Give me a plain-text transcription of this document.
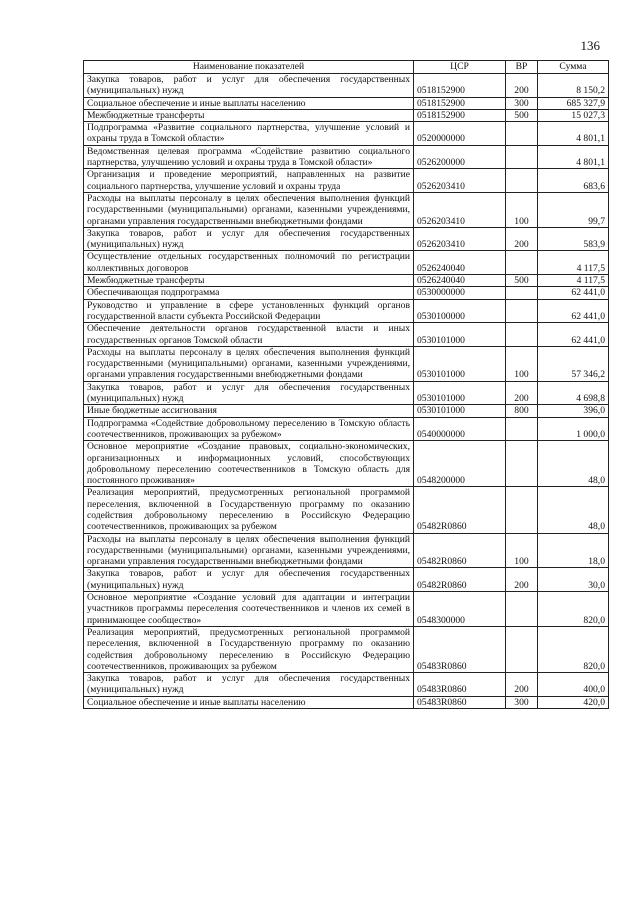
136
Наименование показателей	ЦСР	ВР	Сумма
Закупка товаров, работ и услуг для обеспечения государственных (муниципальных) нужд	0518152900	200	8 150,2
Социальное обеспечение и иные выплаты населению	0518152900	300	685 327,9
Межбюджетные трансферты	0518152900	500	15 027,3
Подпрограмма «Развитие социального партнерства, улучшение условий и охраны труда в Томской области»	0520000000		4 801,1
Ведомственная целевая программа «Содействие развитию социального партнерства, улучшению условий и охраны труда в Томской области»	0526200000		4 801,1
Организация и проведение мероприятий, направленных на развитие социального партнерства, улучшение условий и охраны труда	0526203410		683,6
Расходы на выплаты персоналу в целях обеспечения выполнения функций государственными (муниципальными) органами, казенными учреждениями, органами управления государственными внебюджетными фондами	0526203410	100	99,7
Закупка товаров, работ и услуг для обеспечения государственных (муниципальных) нужд	0526203410	200	583,9
Осуществление отдельных государственных полномочий по регистрации коллективных договоров	0526240040		4 117,5
Межбюджетные трансферты	0526240040	500	4 117,5
Обеспечивающая подпрограмма	0530000000		62 441,0
Руководство и управление в сфере установленных функций органов государственной власти субъекта Российской Федерации	0530100000		62 441,0
Обеспечение деятельности органов государственной власти и иных государственных органов Томской области	0530101000		62 441,0
Расходы на выплаты персоналу в целях обеспечения выполнения функций государственными (муниципальными) органами, казенными учреждениями, органами управления государственными внебюджетными фондами	0530101000	100	57 346,2
Закупка товаров, работ и услуг для обеспечения государственных (муниципальных) нужд	0530101000	200	4 698,8
Иные бюджетные ассигнования	0530101000	800	396,0
Подпрограмма «Содействие добровольному переселению в Томскую область соотечественников, проживающих за рубежом»	0540000000		1 000,0
Основное мероприятие «Создание правовых, социально-экономических, организационных и информационных условий, способствующих добровольному переселению соотечественников в Томскую область для постоянного проживания»	0548200000		48,0
Реализация мероприятий, предусмотренных региональной программой переселения, включенной в Государственную программу по оказанию содействия добровольному переселению в Российскую Федерацию соотечественников, проживающих за рубежом	05482R0860		48,0
Расходы на выплаты персоналу в целях обеспечения выполнения функций государственными (муниципальными) органами, казенными учреждениями, органами управления государственными внебюджетными фондами	05482R0860	100	18,0
Закупка товаров, работ и услуг для обеспечения государственных (муниципальных) нужд	05482R0860	200	30,0
Основное мероприятие «Создание условий для адаптации и интеграции участников программы переселения соотечественников и членов их семей в принимающее сообщество»	0548300000		820,0
Реализация мероприятий, предусмотренных региональной программой переселения, включенной в Государственную программу по оказанию содействия добровольному переселению в Российскую Федерацию соотечественников, проживающих за рубежом	05483R0860		820,0
Закупка товаров, работ и услуг для обеспечения государственных (муниципальных) нужд	05483R0860	200	400,0
Социальное обеспечение и иные выплаты населению	05483R0860	300	420,0
